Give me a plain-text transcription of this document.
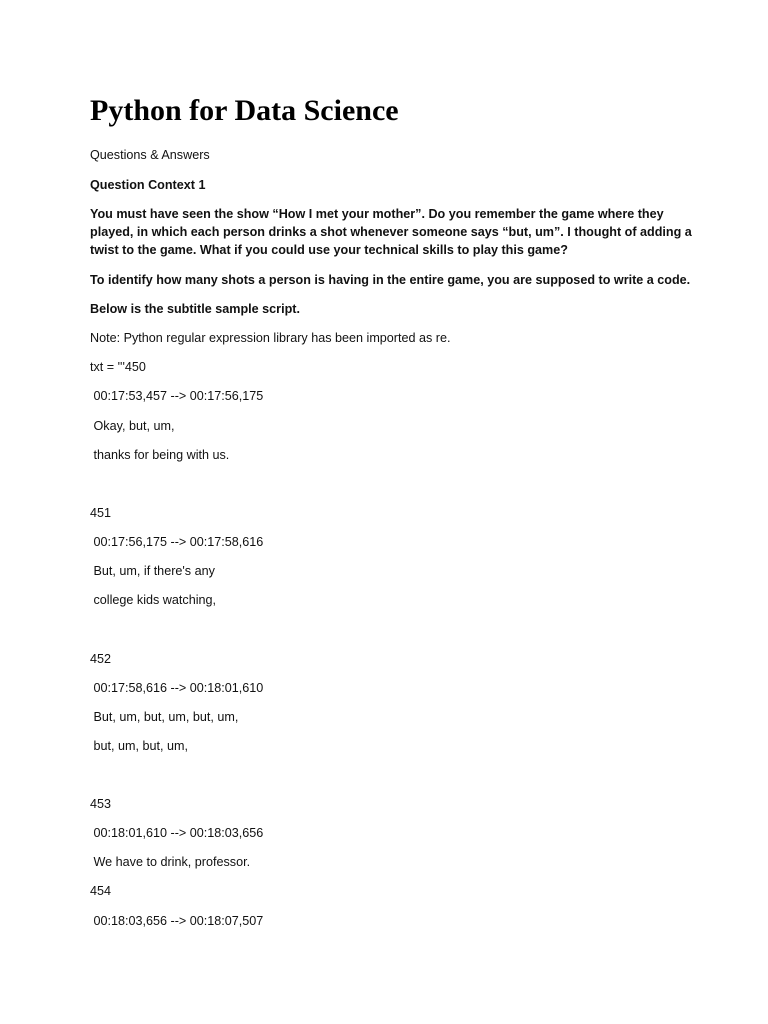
Python for Data Science
Questions & Answers
Question Context 1
You must have seen the show “How I met your mother”. Do you remember the game where they
played, in which each person drinks a shot whenever someone says “but, um”. I thought of adding a
twist to the game. What if you could use your technical skills to play this game?
To identify how many shots a person is having in the entire game, you are supposed to write a code.
Below is the subtitle sample script.
Note: Python regular expression library has been imported as re.
txt = '''450
00:17:53,457 --> 00:17:56,175
Okay, but, um,
thanks for being with us.
451
00:17:56,175 --> 00:17:58,616
But, um, if there's any
college kids watching,
452
00:17:58,616 --> 00:18:01,610
But, um, but, um, but, um,
but, um, but, um,
453
00:18:01,610 --> 00:18:03,656
We have to drink, professor.
454
00:18:03,656 --> 00:18:07,507
